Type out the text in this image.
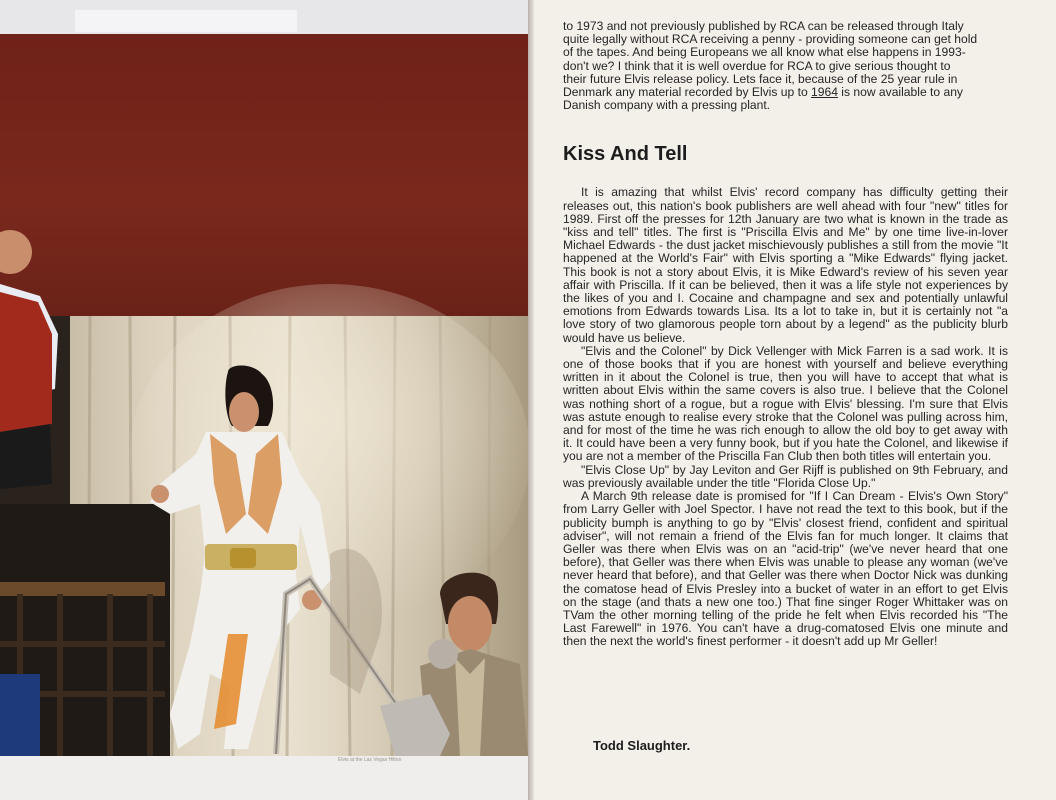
Elvis at the Las Vegas Hilton

to 1973 and not previously published by RCA can be released through Italy

quite legally without RCA receiving a penny - providing someone can get hold

of the tapes. And being Europeans we all know what else happens in 1993-

don't we? I think that it is well overdue for RCA to give serious thought to

their future Elvis release policy. Lets face it, because of the 25 year rule in

Denmark any material recorded by Elvis up to 1964 is now available to any

Danish company with a pressing plant.

Kiss And Tell

It is amazing that whilst Elvis' record company has difficulty getting their releases out, this nation's book publishers are well ahead with four "new" titles for 1989. First off the presses for 12th January are two what is known in the trade as "kiss and tell" titles. The first is "Priscilla Elvis and Me" by one time live-in-lover Michael Edwards - the dust jacket mischievously publishes a still from the movie "It happened at the World's Fair" with Elvis sporting a "Mike Edwards" flying jacket. This book is not a story about Elvis, it is Mike Edward's review of his seven year affair with Priscilla. If it can be believed, then it was a life style not experiences by the likes of you and I. Cocaine and champagne and sex and potentially unlawful emotions from Edwards towards Lisa. Its a lot to take in, but it is certainly not "a love story of two glamorous people torn about by a legend" as the publicity blurb would have us believe.

"Elvis and the Colonel" by Dick Vellenger with Mick Farren is a sad work. It is one of those books that if you are honest with yourself and believe everything written in it about the Colonel is true, then you will have to accept that what is written about Elvis within the same covers is also true. I believe that the Colonel was nothing short of a rogue, but a rogue with Elvis' blessing. I'm sure that Elvis was astute enough to realise every stroke that the Colonel was pulling across him, and for most of the time he was rich enough to allow the old boy to get away with it. It could have been a very funny book, but if you hate the Colonel, and likewise if you are not a member of the Priscilla Fan Club then both titles will entertain you.

"Elvis Close Up" by Jay Leviton and Ger Rijff is published on 9th February, and was previously available under the title "Florida Close Up."

A March 9th release date is promised for "If I Can Dream - Elvis's Own Story" from Larry Geller with Joel Spector. I have not read the text to this book, but if the publicity bumph is anything to go by "Elvis' closest friend, confident and spiritual adviser", will not remain a friend of the Elvis fan for much longer. It claims that Geller was there when Elvis was on an "acid-trip" (we've never heard that one before), that Geller was there when Elvis was unable to please any woman (we've never heard that before), and that Geller was there when Doctor Nick was dunking the comatose head of Elvis Presley into a bucket of water in an effort to get Elvis on the stage (and thats a new one too.) That fine singer Roger Whittaker was on TVam the other morning telling of the pride he felt when Elvis recorded his "The Last Farewell" in 1976. You can't have a drug-comatosed Elvis one minute and then the next the world's finest performer - it doesn't add up Mr Geller!

Todd Slaughter.
